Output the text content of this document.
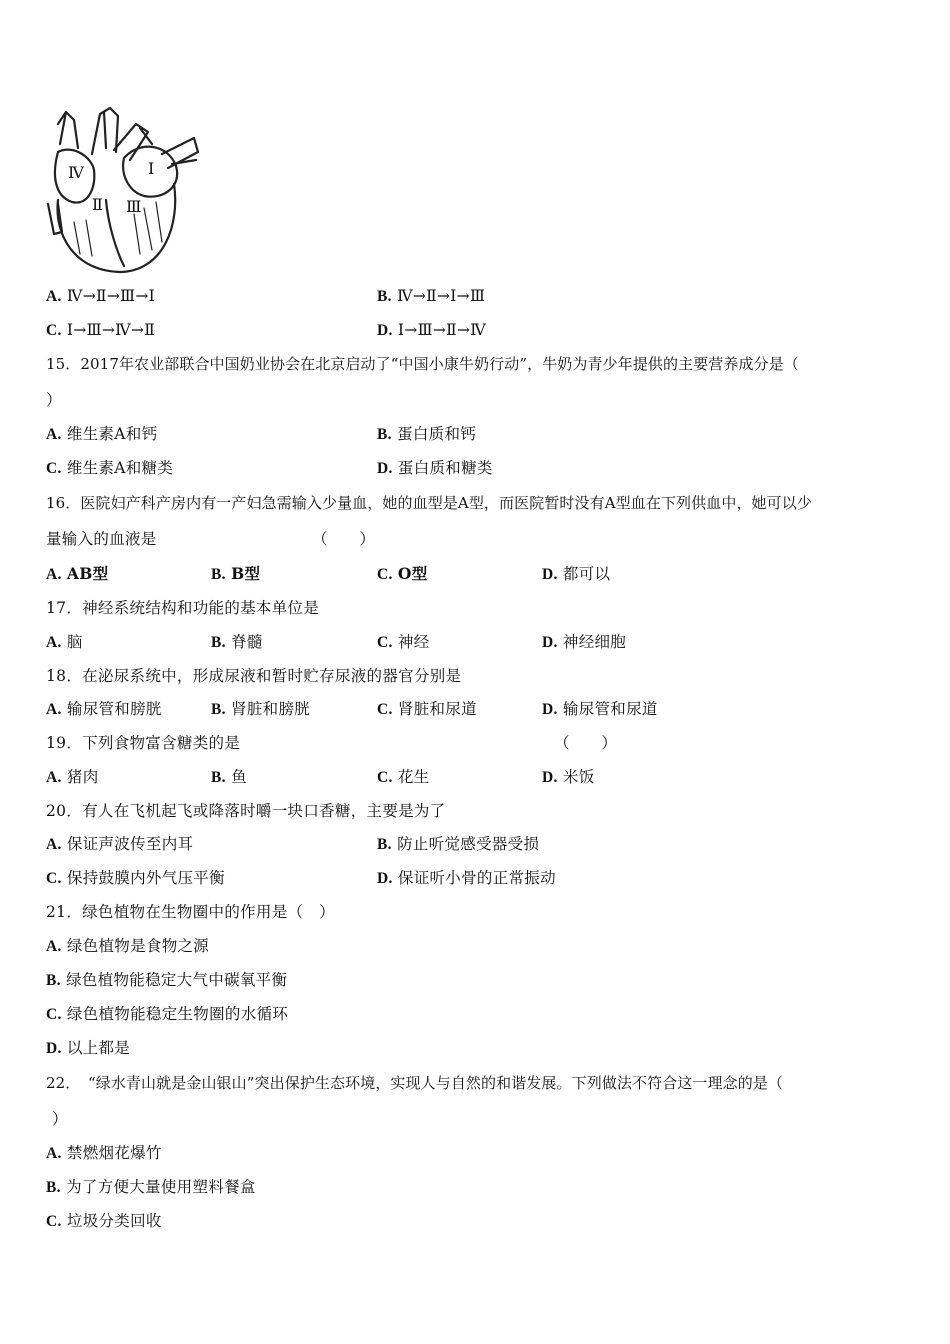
Ⅰ
Ⅱ Ⅲ
Ⅳ
A. Ⅳ→Ⅱ→Ⅲ→Ⅰ	B. Ⅳ→Ⅱ→Ⅰ→Ⅲ
C. Ⅰ→Ⅲ→Ⅳ→Ⅱ	D. Ⅰ→Ⅲ→Ⅱ→Ⅳ
15．2017年农业部联合中国奶业协会在北京启动了“中国小康牛奶行动”，牛奶为青少年提供的主要营养成分是（
）
A. 维生素A和钙	B. 蛋白质和钙
C. 维生素A和糖类	D. 蛋白质和糖类
16．医院妇产科产房内有一产妇急需输入少量血，她的血型是A型，而医院暂时没有A型血在下列供血中，她可以少
量输入的血液是	（　　）
A. AB型	B. B型	C. O型	D. 都可以
17．神经系统结构和功能的基本单位是
A. 脑	B. 脊髓	C. 神经	D. 神经细胞
18．在泌尿系统中，形成尿液和暂时贮存尿液的器官分别是
A. 输尿管和膀胱	B. 肾脏和膀胱	C. 肾脏和尿道	D. 输尿管和尿道
19．下列食物富含糖类的是	（　　）
A. 猪肉	B. 鱼	C. 花生	D. 米饭
20．有人在飞机起飞或降落时嚼一块口香糖，主要是为了
A. 保证声波传至内耳	B. 防止听觉感受器受损
C. 保持鼓膜内外气压平衡	D. 保证听小骨的正常振动
21．绿色植物在生物圈中的作用是（　）
A. 绿色植物是食物之源
B. 绿色植物能稳定大气中碳氧平衡
C. 绿色植物能稳定生物圈的水循环
D. 以上都是
22．　“绿水青山就是金山银山”突出保护生态环境，实现人与自然的和谐发展。下列做法不符合这一理念的是（
）
A. 禁燃烟花爆竹
B. 为了方便大量使用塑料餐盒
C. 垃圾分类回收
